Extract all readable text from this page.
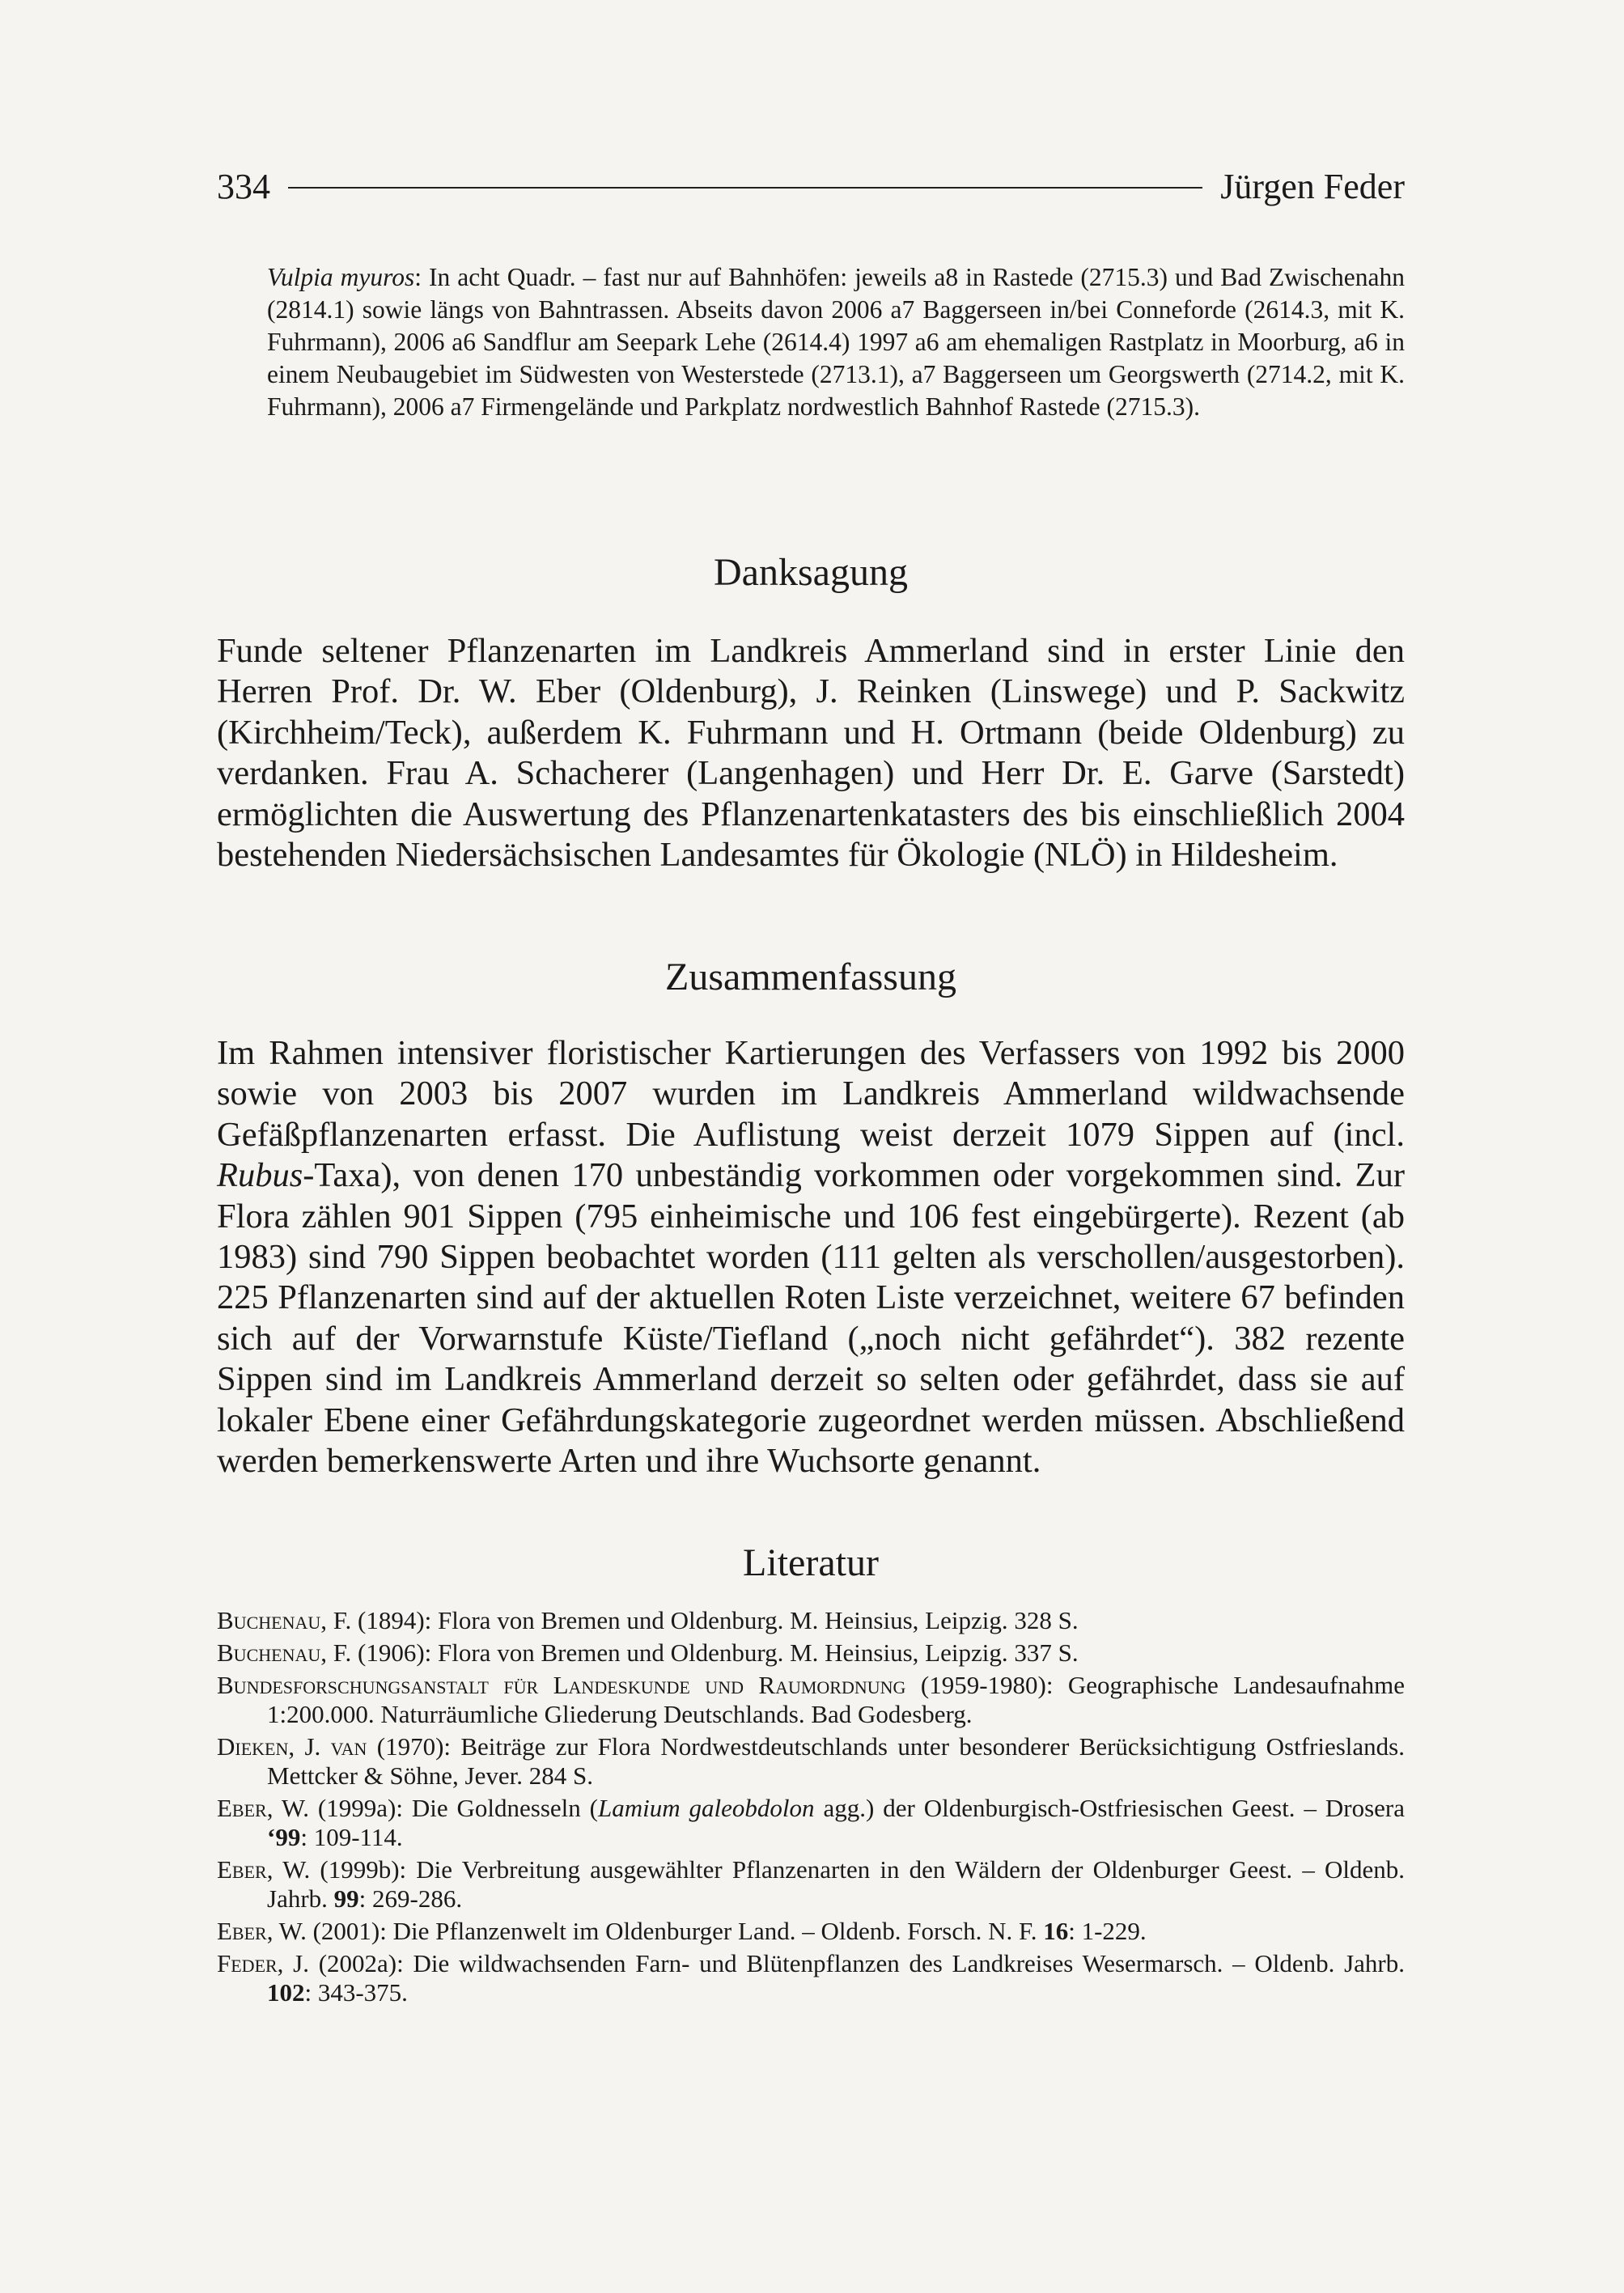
334	Jürgen Feder

Vulpia myuros: In acht Quadr. – fast nur auf Bahnhöfen: jeweils a8 in Rastede (2715.3) und Bad Zwischenahn (2814.1) sowie längs von Bahntrassen. Abseits davon 2006 a7 Baggerseen in/bei Conneforde (2614.3, mit K. Fuhrmann), 2006 a6 Sandflur am Seepark Lehe (2614.4) 1997 a6 am ehemaligen Rastplatz in Moorburg, a6 in einem Neubaugebiet im Südwesten von Westerstede (2713.1), a7 Baggerseen um Georgswerth (2714.2, mit K. Fuhrmann), 2006 a7 Firmengelände und Parkplatz nordwestlich Bahnhof Rastede (2715.3).

Danksagung

Funde seltener Pflanzenarten im Landkreis Ammerland sind in erster Linie den Herren Prof. Dr. W. Eber (Oldenburg), J. Reinken (Linswege) und P. Sackwitz (Kirchheim/Teck), außerdem K. Fuhrmann und H. Ortmann (beide Oldenburg) zu verdanken. Frau A. Schacherer (Langenhagen) und Herr Dr. E. Garve (Sarstedt) ermöglichten die Auswertung des Pflanzenartenkatasters des bis einschließlich 2004 bestehenden Niedersächsischen Landesamtes für Ökologie (NLÖ) in Hildesheim.

Zusammenfassung

Im Rahmen intensiver floristischer Kartierungen des Verfassers von 1992 bis 2000 sowie von 2003 bis 2007 wurden im Landkreis Ammerland wildwachsende Gefäßpflanzenarten erfasst. Die Auflistung weist derzeit 1079 Sippen auf (incl. Rubus-Taxa), von denen 170 unbeständig vorkommen oder vorgekommen sind. Zur Flora zählen 901 Sippen (795 einheimische und 106 fest eingebürgerte). Rezent (ab 1983) sind 790 Sippen beobachtet worden (111 gelten als verschollen/ausgestorben). 225 Pflanzenarten sind auf der aktuellen Roten Liste verzeichnet, weitere 67 befinden sich auf der Vorwarnstufe Küste/Tiefland („noch nicht gefährdet“). 382 rezente Sippen sind im Landkreis Ammerland derzeit so selten oder gefährdet, dass sie auf lokaler Ebene einer Gefährdungskategorie zugeordnet werden müssen. Abschließend werden bemerkenswerte Arten und ihre Wuchsorte genannt.

Literatur

Buchenau, F. (1894): Flora von Bremen und Oldenburg. M. Heinsius, Leipzig. 328 S.

Buchenau, F. (1906): Flora von Bremen und Oldenburg. M. Heinsius, Leipzig. 337 S.

Bundesforschungsanstalt für Landeskunde und Raumordnung (1959-1980): Geographische Landesaufnahme 1:200.000. Naturräumliche Gliederung Deutschlands. Bad Godesberg.

Dieken, J. van (1970): Beiträge zur Flora Nordwestdeutschlands unter besonderer Berücksichtigung Ostfrieslands. Mettcker & Söhne, Jever. 284 S.

Eber, W. (1999a): Die Goldnesseln (Lamium galeobdolon agg.) der Oldenburgisch-Ostfriesischen Geest. – Drosera ‘99: 109-114.

Eber, W. (1999b): Die Verbreitung ausgewählter Pflanzenarten in den Wäldern der Oldenburger Geest. – Oldenb. Jahrb. 99: 269-286.

Eber, W. (2001): Die Pflanzenwelt im Oldenburger Land. – Oldenb. Forsch. N. F. 16: 1-229.

Feder, J. (2002a): Die wildwachsenden Farn- und Blütenpflanzen des Landkreises Wesermarsch. – Oldenb. Jahrb. 102: 343-375.
